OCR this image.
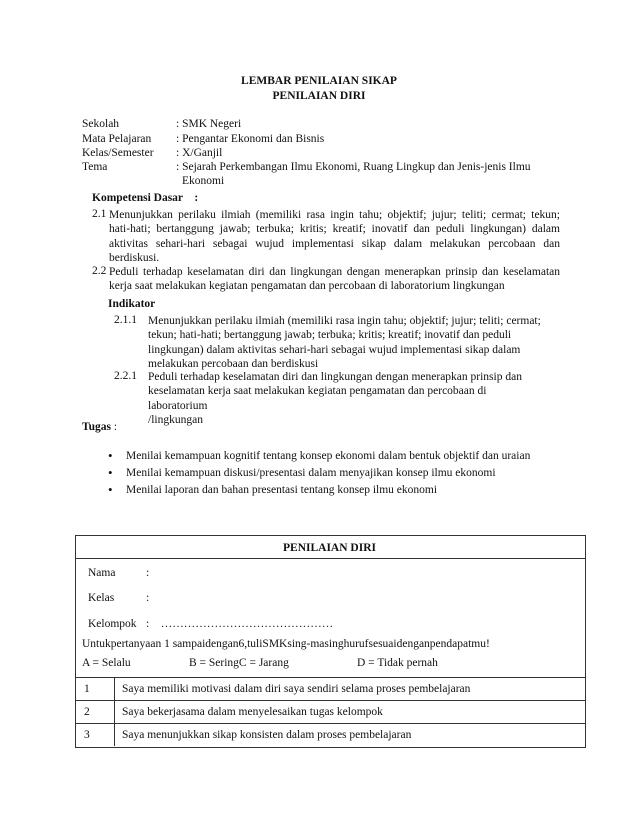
LEMBAR PENILAIAN SIKAP
PENILAIAN DIRI
Sekolah	: SMK Negeri
Mata Pelajaran : Pengantar Ekonomi dan Bisnis
Kelas/Semester : X/Ganjil
Tema	: Sejarah Perkembangan Ilmu Ekonomi, Ruang Lingkup dan Jenis-jenis Ilmu
Ekonomi
Kompetensi Dasar    :
2.1 Menunjukkan perilaku ilmiah (memiliki rasa ingin tahu; objektif; jujur; teliti; cermat; tekun;
hati-hati; bertanggung jawab; terbuka; kritis; kreatif; inovatif dan peduli lingkungan) dalam
aktivitas sehari-hari sebagai wujud implementasi sikap dalam melakukan percobaan dan
berdiskusi.
2.2 Peduli terhadap keselamatan diri dan lingkungan dengan menerapkan prinsip dan keselamatan
kerja saat melakukan kegiatan pengamatan dan percobaan di laboratorium lingkungan
Indikator
2.1.1 Menunjukkan perilaku ilmiah (memiliki rasa ingin tahu; objektif; jujur; teliti; cermat;
tekun; hati-hati; bertanggung jawab; terbuka; kritis; kreatif; inovatif dan peduli
lingkungan) dalam aktivitas sehari-hari sebagai wujud implementasi sikap dalam
melakukan percobaan dan berdiskusi
2.2.1 Peduli terhadap keselamatan diri dan lingkungan dengan menerapkan prinsip dan
keselamatan kerja saat melakukan kegiatan pengamatan dan percobaan di laboratorium
/lingkungan
Tugas :
• Menilai kemampuan kognitif tentang konsep ekonomi dalam bentuk objektif dan uraian
• Menilai kemampuan diskusi/presentasi dalam menyajikan konsep ilmu ekonomi
• Menilai laporan dan bahan presentasi tentang konsep ilmu ekonomi
PENILAIAN DIRI
Nama	:
Kelas	:
Kelompok :    ………………………………………
Untukpertanyaan 1 sampaidengan6,tuliSMKsing-masinghurufsesuaidenganpendapatmu!
A = Selalu	B = SeringC = Jarang	D = Tidak pernah
1	Saya memiliki motivasi dalam diri saya sendiri selama proses pembelajaran
2	Saya bekerjasama dalam menyelesaikan tugas kelompok
3	Saya menunjukkan sikap konsisten dalam proses pembelajaran
